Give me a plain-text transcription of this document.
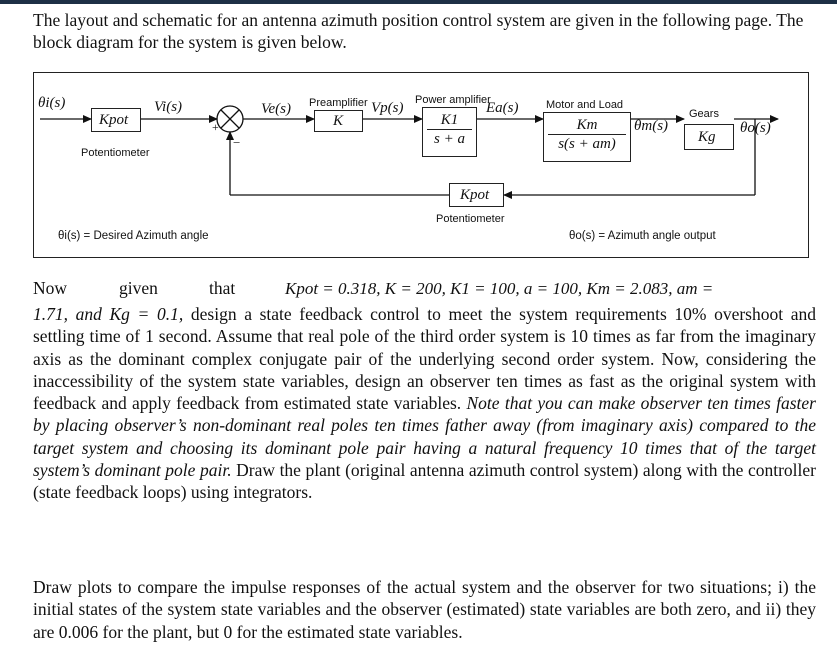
The layout and schematic for an antenna azimuth position control system are given in the following page. The block diagram for the system is given below.

Kpot
Potentiometer
θi(s)	Vi(s)
+
−
Ve(s) Preamplifier
K
Vp(s) Power amplifier
$\frac{K1}{s + a}$
Ea(s)	Motor and Load
$\frac{Km}{s(s + am)} \theta m(s)$
Gears
Kg
θo(s)
Kpot
Potentiometer
θi(s) = Desired Azimuth angle	θo(s) = Azimuth angle output
Now	given	that	Kpot = 0.318, K = 200, K1 = 100, a = 100, Km = 2.083, am =

1.71, and Kg = 0.1, design a state feedback control to meet the system requirements 10% overshoot and settling time of 1 second. Assume that real pole of the third order system is 10 times as far from the imaginary axis as the dominant complex conjugate pair of the underlying second order system. Now, considering the inaccessibility of the system state variables, design an observer ten times as fast as the original system with feedback and apply feedback from estimated state variables. Note that you can make observer ten times faster by placing observer’s non-dominant real poles ten times father away (from imaginary axis) compared to the target system and choosing its dominant pole pair having a natural frequency 10 times that of the target system’s dominant pole pair. Draw the plant (original antenna azimuth control system) along with the controller (state feedback loops) using integrators.

Draw plots to compare the impulse responses of the actual system and the observer for two situations; i) the initial states of the system state variables and the observer (estimated) state variables are both zero, and ii) they are 0.006 for the plant, but 0 for the estimated state variables.
